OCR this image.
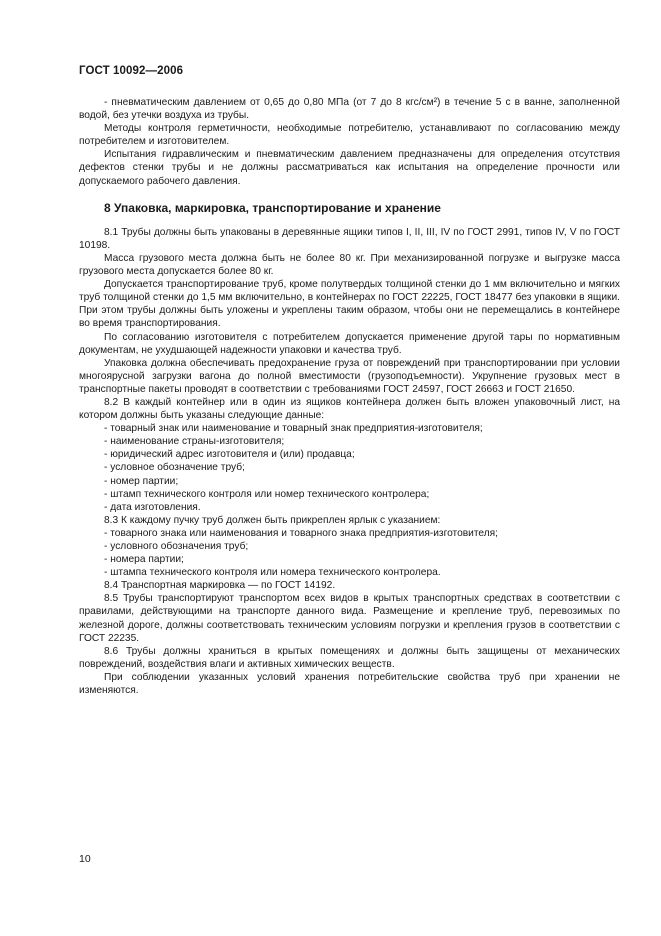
ГОСТ 10092—2006

- пневматическим давлением от 0,65 до 0,80 МПа (от 7 до 8 кгс/см²) в течение 5 с в ванне, заполненной водой, без утечки воздуха из трубы.

Методы контроля герметичности, необходимые потребителю, устанавливают по согласованию между потребителем и изготовителем.

Испытания гидравлическим и пневматическим давлением предназначены для определения отсутствия дефектов стенки трубы и не должны рассматриваться как испытания на определение прочности или допускаемого рабочего давления.

8 Упаковка, маркировка, транспортирование и хранение

8.1 Трубы должны быть упакованы в деревянные ящики типов I, II, III, IV по ГОСТ 2991, типов IV, V по ГОСТ 10198.

Масса грузового места должна быть не более 80 кг. При механизированной погрузке и выгрузке масса грузового места допускается более 80 кг.

Допускается транспортирование труб, кроме полутвердых толщиной стенки до 1 мм включительно и мягких труб толщиной стенки до 1,5 мм включительно, в контейнерах по ГОСТ 22225, ГОСТ 18477 без упаковки в ящики. При этом трубы должны быть уложены и укреплены таким образом, чтобы они не перемещались в контейнере во время транспортирования.

По согласованию изготовителя с потребителем допускается применение другой тары по нормативным документам, не ухудшающей надежности упаковки и качества труб.

Упаковка должна обеспечивать предохранение груза от повреждений при транспортировании при условии многоярусной загрузки вагона до полной вместимости (грузоподъемности). Укрупнение грузовых мест в транспортные пакеты проводят в соответствии с требованиями ГОСТ 24597, ГОСТ 26663 и ГОСТ 21650.

8.2 В каждый контейнер или в один из ящиков контейнера должен быть вложен упаковочный лист, на котором должны быть указаны следующие данные:

- товарный знак или наименование и товарный знак предприятия-изготовителя;

- наименование страны-изготовителя;

- юридический адрес изготовителя и (или) продавца;

- условное обозначение труб;

- номер партии;

- штамп технического контроля или номер технического контролера;

- дата изготовления.

8.3 К каждому пучку труб должен быть прикреплен ярлык с указанием:

- товарного знака или наименования и товарного знака предприятия-изготовителя;

- условного обозначения труб;

- номера партии;

- штампа технического контроля или номера технического контролера.

8.4 Транспортная маркировка — по ГОСТ 14192.

8.5 Трубы транспортируют транспортом всех видов в крытых транспортных средствах в соответствии с правилами, действующими на транспорте данного вида. Размещение и крепление труб, перевозимых по железной дороге, должны соответствовать техническим условиям погрузки и крепления грузов в соответствии с ГОСТ 22235.

8.6 Трубы должны храниться в крытых помещениях и должны быть защищены от механических повреждений, воздействия влаги и активных химических веществ.

При соблюдении указанных условий хранения потребительские свойства труб при хранении не изменяются.

10
